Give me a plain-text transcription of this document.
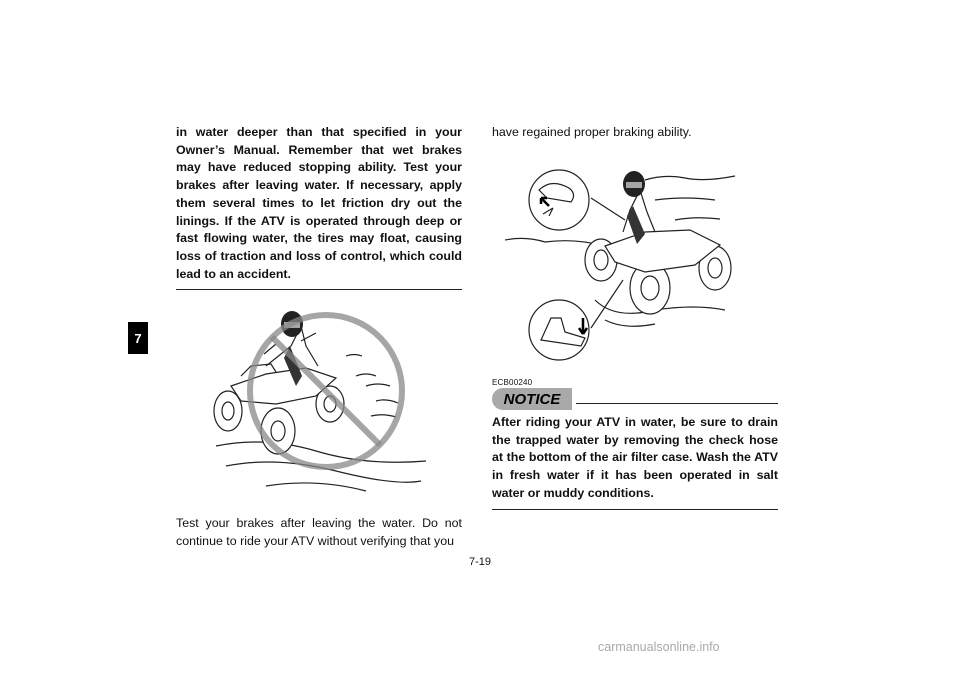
7

in water deeper than that specified in your Owner’s Manual. Remember that wet brakes may have reduced stopping ability. Test your brakes after leaving water. If necessary, apply them several times to let friction dry out the linings. If the ATV is operated through deep or fast flowing water, the tires may float, causing loss of traction and loss of control, which could lead to an accident.

Test your brakes after leaving the water. Do not continue to ride your ATV without verifying that you

have regained proper braking ability.

ECB00240
NOTICE

After riding your ATV in water, be sure to drain the trapped water by removing the check hose at the bottom of the air filter case. Wash the ATV in fresh water if it has been operated in salt water or muddy conditions.

7-19
carmanualsonline.info
